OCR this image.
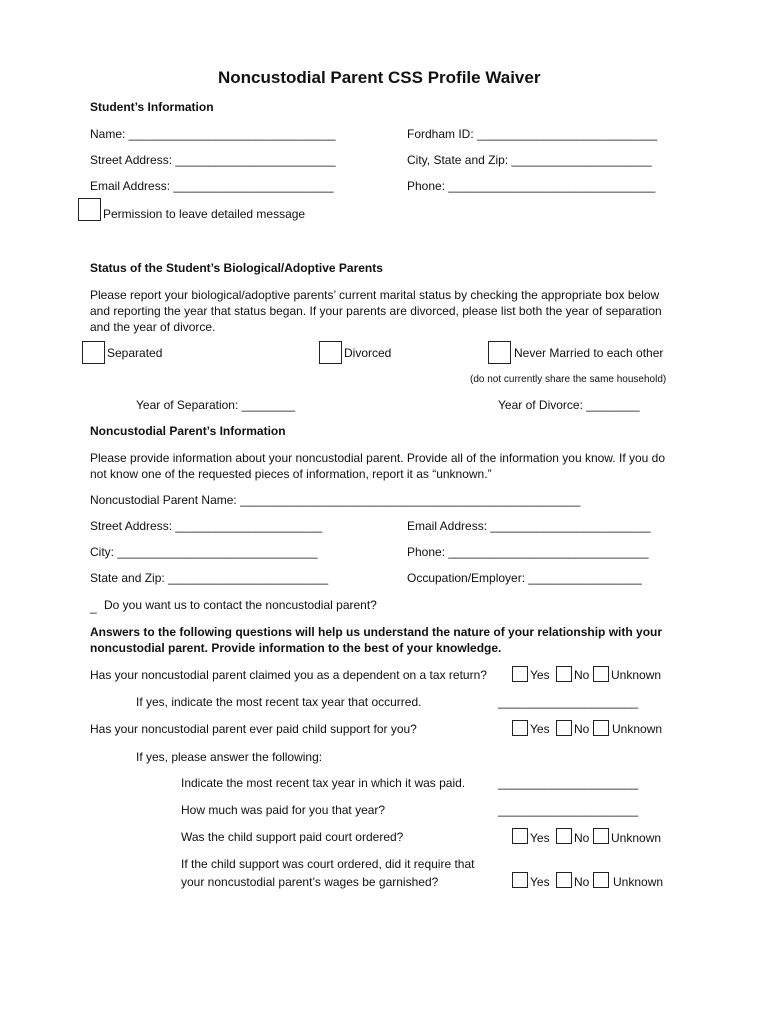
Noncustodial Parent CSS Profile Waiver
Student’s Information
Name: _______________________________	Fordham ID: ___________________________
Street Address: ________________________	City, State and Zip: _____________________
Email Address: ________________________	Phone: _______________________________
Permission to leave detailed message
Status of the Student’s Biological/Adoptive Parents
Please report your biological/adoptive parents’ current marital status by checking the appropriate box below and reporting the year that status began. If your parents are divorced, please list both the year of separation and the year of divorce.
Separated	Divorced	Never Married to each other
(do not currently share the same household)
Year of Separation: ________	Year of Divorce: ________
Noncustodial Parent’s Information
Please provide information about your noncustodial parent. Provide all of the information you know. If you do not know one of the requested pieces of information, report it as “unknown.”
Noncustodial Parent Name: ___________________________________________________
Street Address: ______________________	Email Address: ________________________
City: ______________________________	Phone: ______________________________
State and Zip: ________________________	Occupation/Employer: _________________
_ Do you want us to contact the noncustodial parent?
Answers to the following questions will help us understand the nature of your relationship with your noncustodial parent. Provide information to the best of your knowledge.
Has your noncustodial parent claimed you as a dependent on a tax return?	Yes No Unknown
If yes, indicate the most recent tax year that occurred.	_____________________
Has your noncustodial parent ever paid child support for you?	Yes No Unknown
If yes, please answer the following:
Indicate the most recent tax year in which it was paid.	_____________________
How much was paid for you that year?	_____________________
Was the child support paid court ordered?	Yes No Unknown
If the child support was court ordered, did it require that
your noncustodial parent’s wages be garnished?	Yes No Unknown
